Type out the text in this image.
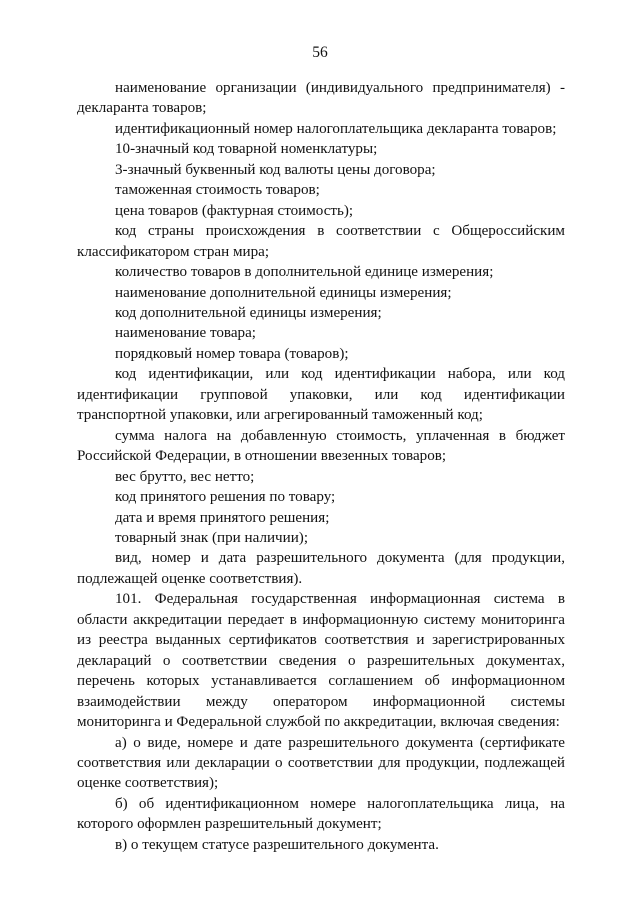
56

наименование организации (индивидуального предпринимателя) - декларанта товаров;

идентификационный номер налогоплательщика декларанта товаров;

10-значный код товарной номенклатуры;

3-значный буквенный код валюты цены договора;

таможенная стоимость товаров;

цена товаров (фактурная стоимость);

код страны происхождения в соответствии с Общероссийским классификатором стран мира;

количество товаров в дополнительной единице измерения;

наименование дополнительной единицы измерения;

код дополнительной единицы измерения;

наименование товара;

порядковый номер товара (товаров);

код идентификации, или код идентификации набора, или код идентификации групповой упаковки, или код идентификации транспортной упаковки, или агрегированный таможенный код;

сумма налога на добавленную стоимость, уплаченная в бюджет Российской Федерации, в отношении ввезенных товаров;

вес брутто, вес нетто;

код принятого решения по товару;

дата и время принятого решения;

товарный знак (при наличии);

вид, номер и дата разрешительного документа (для продукции, подлежащей оценке соответствия).

101. Федеральная государственная информационная система в области аккредитации передает в информационную систему мониторинга из реестра выданных сертификатов соответствия и зарегистрированных деклараций о соответствии сведения о разрешительных документах, перечень которых устанавливается соглашением об информационном взаимодействии между оператором информационной системы мониторинга и Федеральной службой по аккредитации, включая сведения:

а) о виде, номере и дате разрешительного документа (сертификате соответствия или декларации о соответствии для продукции, подлежащей оценке соответствия);

б) об идентификационном номере налогоплательщика лица, на которого оформлен разрешительный документ;

в) о текущем статусе разрешительного документа.
